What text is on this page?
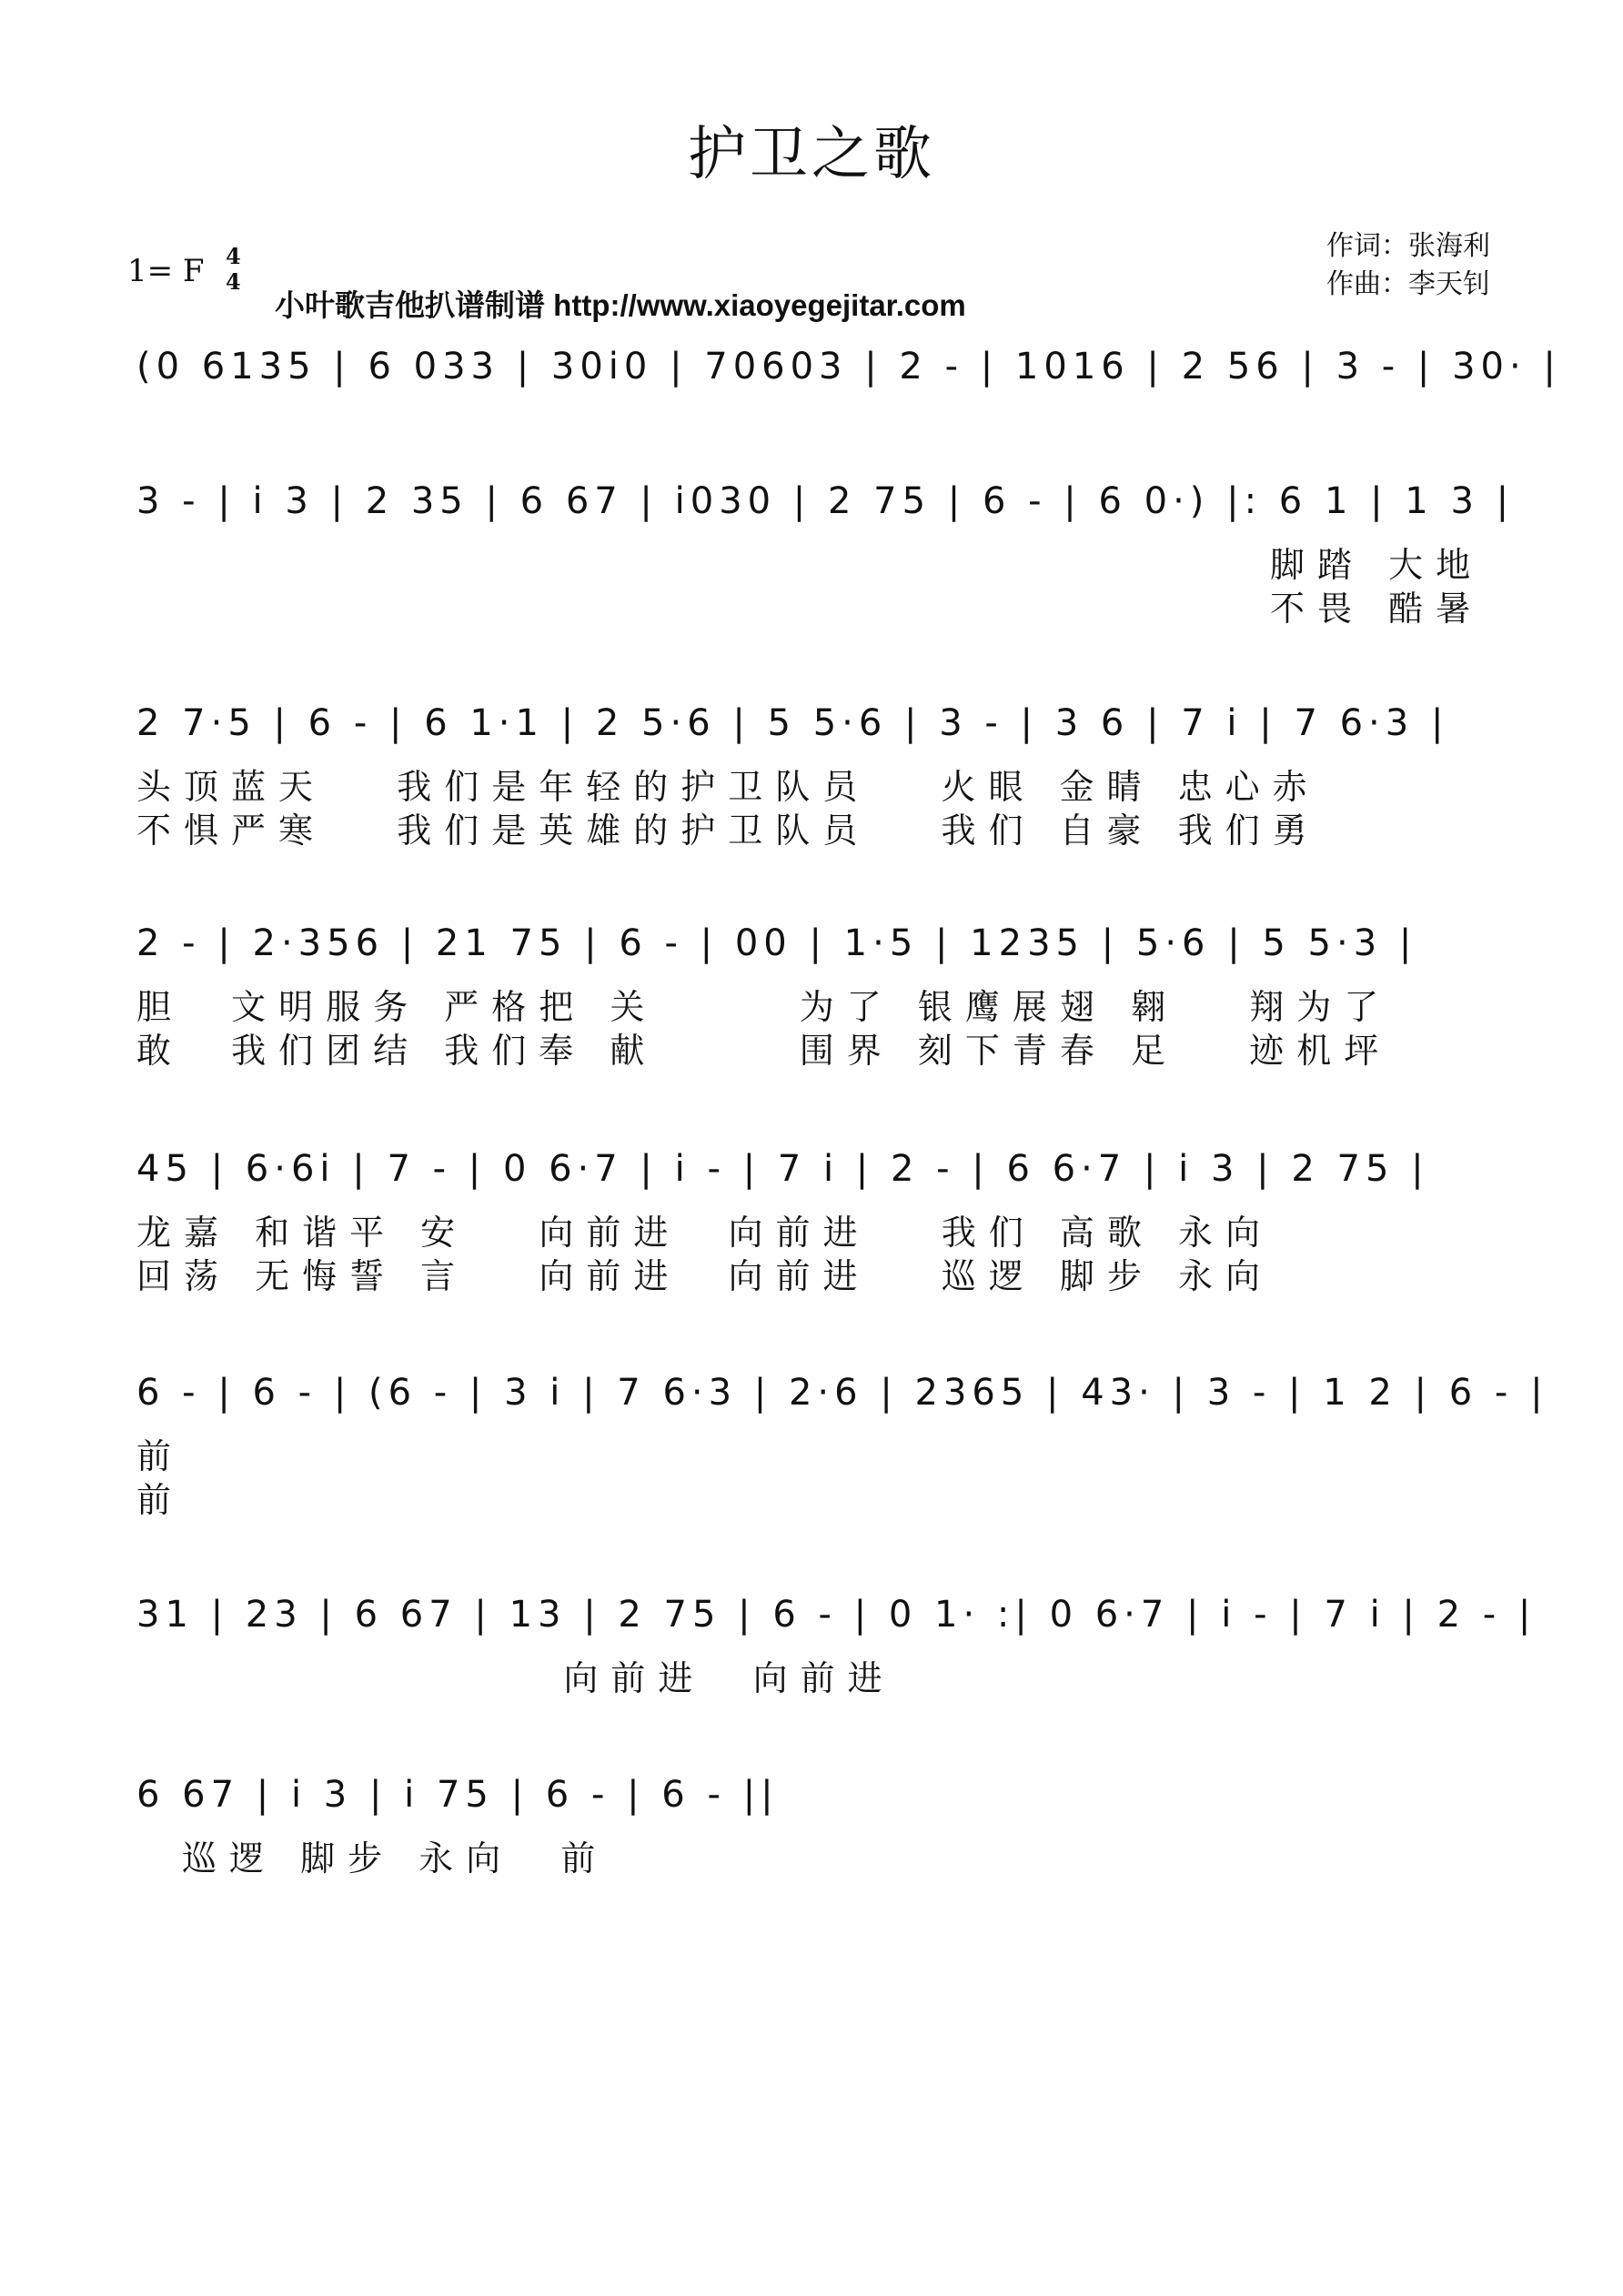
护卫之歌
1= F 4
4
小叶歌吉他扒谱制谱 http://www.xiaoyegejitar.com
作词：张海利
作曲：李天钊
(0 6135 | 6 033 | 30i0 | 70603 | 2 - | 1016 | 2 56 | 3 - | 30· |
3 - | i 3 | 2 35 | 6 67 | i030 | 2 75 | 6 - | 6 0·) |: 6 1 | 1 3 |
脚踏 大地
不畏 酷暑
2 7·5 | 6 - | 6 1·1 | 2 5·6 | 5 5·6 | 3 - | 3 6 | 7 i | 7 6·3 |
头顶蓝天   我们是年轻的护卫队员   火眼 金睛 忠心赤
不惧严寒   我们是英雄的护卫队员   我们 自豪 我们勇
2 - | 2·356 | 21 75 | 6 - | 00 | 1·5 | 1235 | 5·6 | 5 5·3 |
胆  文明服务 严格把 关      为了 银鹰展翅 翱   翔为了
敢  我们团结 我们奉 献      围界 刻下青春 足   迹机坪
45 | 6·6i | 7 - | 0 6·7 | i - | 7 i | 2 - | 6 6·7 | i 3 | 2 75 |
龙嘉 和谐平 安   向前进  向前进   我们 高歌 永向
回荡 无悔誓 言   向前进  向前进   巡逻 脚步 永向
6 - | 6 - | (6 - | 3 i | 7 6·3 | 2·6 | 2365 | 43· | 3 - | 1 2 | 6 - |
前
前
31 | 23 | 6 67 | 13 | 2 75 | 6 - | 0 1· :| 0 6·7 | i - | 7 i | 2 - |
向前进  向前进
6 67 | i 3 | i 75 | 6 - | 6 - ||
巡逻 脚步 永向  前
